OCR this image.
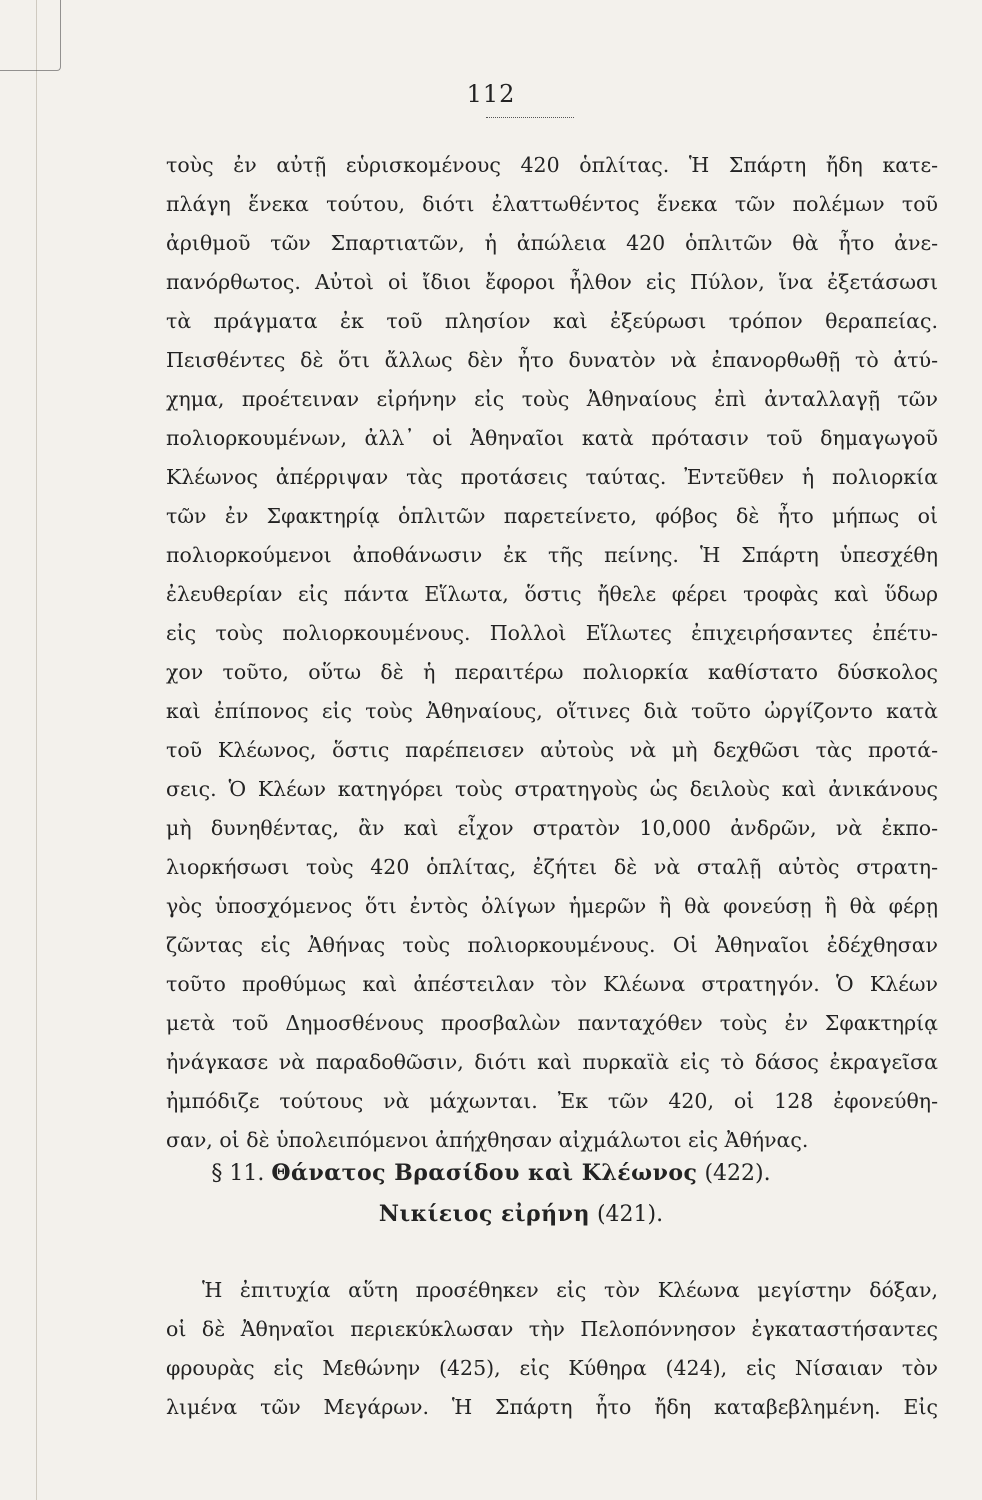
112
τοὺς ἐν αὐτῇ εὑρισκομένους 420 ὁπλίτας. Ἡ Σπάρτη ἤδη κατε-
πλάγη ἕνεκα τούτου, διότι ἐλαττωθέντος ἕνεκα τῶν πολέμων τοῦ
ἀριθμοῦ τῶν Σπαρτιατῶν, ἡ ἀπώλεια 420 ὁπλιτῶν θὰ ἦτο ἀνε-
πανόρθωτος. Αὐτοὶ οἱ ἴδιοι ἔφοροι ἦλθον εἰς Πύλον, ἵνα ἐξετάσωσι
τὰ πράγματα ἐκ τοῦ πλησίον καὶ ἐξεύρωσι τρόπον θεραπείας.
Πεισθέντες δὲ ὅτι ἄλλως δὲν ἦτο δυνατὸν νὰ ἐπανορθωθῇ τὸ ἀτύ-
χημα, προέτειναν εἰρήνην εἰς τοὺς Ἀθηναίους ἐπὶ ἀνταλλαγῇ τῶν
πολιορκουμένων, ἀλλ᾽ οἱ Ἀθηναῖοι κατὰ πρότασιν τοῦ δημαγωγοῦ
Κλέωνος ἀπέρριψαν τὰς προτάσεις ταύτας. Ἐντεῦθεν ἡ πολιορκία
τῶν ἐν Σφακτηρίᾳ ὁπλιτῶν παρετείνετο, φόβος δὲ ἦτο μήπως οἱ
πολιορκούμενοι ἀποθάνωσιν ἐκ τῆς πείνης. Ἡ Σπάρτη ὑπεσχέθη
ἐλευθερίαν εἰς πάντα Εἵλωτα, ὅστις ἤθελε φέρει τροφὰς καὶ ὕδωρ
εἰς τοὺς πολιορκουμένους. Πολλοὶ Εἵλωτες ἐπιχειρήσαντες ἐπέτυ-
χον τοῦτο, οὕτω δὲ ἡ περαιτέρω πολιορκία καθίστατο δύσκολος
καὶ ἐπίπονος εἰς τοὺς Ἀθηναίους, οἵτινες διὰ τοῦτο ὠργίζοντο κατὰ
τοῦ Κλέωνος, ὅστις παρέπεισεν αὐτοὺς νὰ μὴ δεχθῶσι τὰς προτά-
σεις. Ὁ Κλέων κατηγόρει τοὺς στρατηγοὺς ὡς δειλοὺς καὶ ἀνικάνους
μὴ δυνηθέντας, ἂν καὶ εἶχον στρατὸν 10,000 ἀνδρῶν, νὰ ἐκπο-
λιορκήσωσι τοὺς 420 ὁπλίτας, ἐζήτει δὲ νὰ σταλῇ αὐτὸς στρατη-
γὸς ὑποσχόμενος ὅτι ἐντὸς ὀλίγων ἡμερῶν ἢ θὰ φονεύσῃ ἢ θὰ φέρῃ
ζῶντας εἰς Ἀθήνας τοὺς πολιορκουμένους. Οἱ Ἀθηναῖοι ἐδέχθησαν
τοῦτο προθύμως καὶ ἀπέστειλαν τὸν Κλέωνα στρατηγόν. Ὁ Κλέων
μετὰ τοῦ Δημοσθένους προσβαλὼν πανταχόθεν τοὺς ἐν Σφακτηρίᾳ
ἠνάγκασε νὰ παραδοθῶσιν, διότι καὶ πυρκαϊὰ εἰς τὸ δάσος ἐκραγεῖσα
ἠμπόδιζε τούτους νὰ μάχωνται. Ἐκ τῶν 420, οἱ 128 ἐφονεύθη-
σαν, οἱ δὲ ὑπολειπόμενοι ἀπήχθησαν αἰχμάλωτοι εἰς Ἀθήνας.
§ 11. Θάνατος Βρασίδου καὶ Κλέωνος (422).
Νικίειος εἰρήνη (421).
Ἡ ἐπιτυχία αὕτη προσέθηκεν εἰς τὸν Κλέωνα μεγίστην δόξαν,
οἱ δὲ Ἀθηναῖοι περιεκύκλωσαν τὴν Πελοπόννησον ἐγκαταστήσαντες
φρουρὰς εἰς Μεθώνην (425), εἰς Κύθηρα (424), εἰς Νίσαιαν τὸν
λιμένα τῶν Μεγάρων. Ἡ Σπάρτη ἦτο ἤδη καταβεβλημένη. Εἰς
